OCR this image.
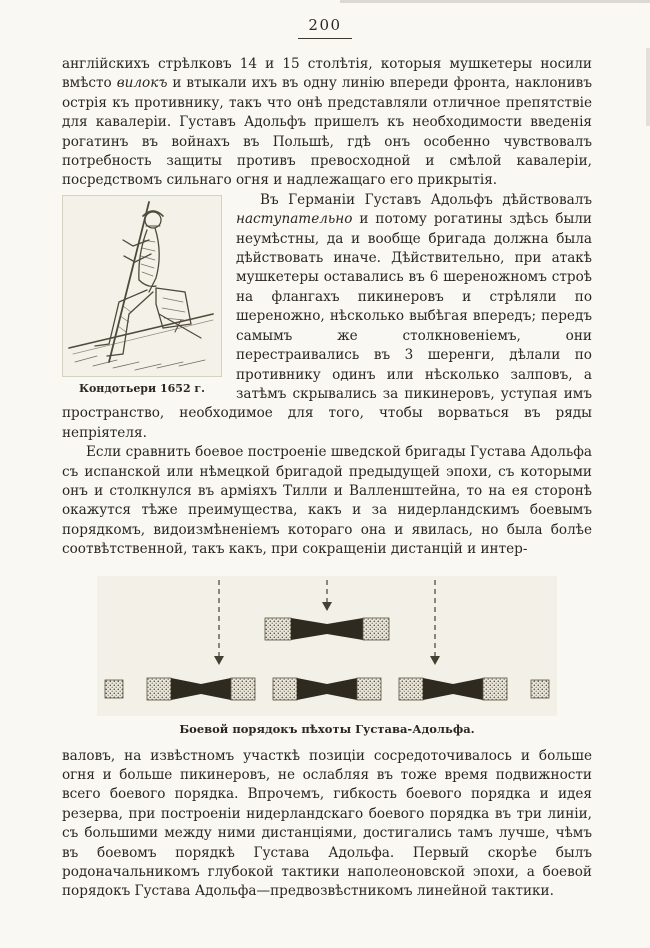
200

англійскихъ стрѣлковъ 14 и 15 столѣтія, которыя мушкетеры носили вмѣсто вилокъ и втыкали ихъ въ одну линію впереди фронта, наклонивъ острія къ противнику, такъ что онѣ представляли отличное препятствіе для кавалеріи. Густавъ Адольфъ пришелъ къ необходимости введенія рогатинъ въ войнахъ въ Польшѣ, гдѣ онъ особенно чувствовалъ потребность защиты противъ превосходной и смѣлой кавалеріи, посредствомъ сильнаго огня и надлежащаго его прикрытія.

Кондотьери 1652 г.

Въ Германіи Густавъ Адольфъ дѣйствовалъ наступательно и потому рогатины здѣсь были неумѣстны, да и вообще бригада должна была дѣйствовать иначе. Дѣйствительно, при атакѣ мушкетеры оставались въ 6 шереножномъ строѣ на флангахъ пикинеровъ и стрѣляли по шереножно, нѣсколько выбѣгая впередъ; передъ самымъ же столкновеніемъ, они перестраивались въ 3 шеренги, дѣлали по противнику одинъ или нѣсколько залповъ, а затѣмъ скрывались за пикинеровъ, уступая имъ пространство, необходимое для того, чтобы ворваться въ ряды непріятеля.

Если сравнить боевое построеніе шведской бригады Густава Адольфа съ испанской или нѣмецкой бригадой предыдущей эпохи, съ которыми онъ и столкнулся въ арміяхъ Тилли и Валленштейна, то на ея сторонѣ окажутся тѣже преимущества, какъ и за нидерландскимъ боевымъ порядкомъ, видоизмѣненіемъ котораго она и явилась, но была болѣе соотвѣтственной, такъ какъ, при сокращеніи дистанцій и интер-

Боевой порядокъ пѣхоты Густава-Адольфа.

валовъ, на извѣстномъ участкѣ позиціи сосредоточивалось и больше огня и больше пикинеровъ, не ослабляя въ тоже время подвижности всего боевого порядка. Впрочемъ, гибкость боевого порядка и идея резерва, при построеніи нидерландскаго боевого порядка въ три линіи, съ большими между ними дистанціями, достигались тамъ лучше, чѣмъ въ боевомъ порядкѣ Густава Адольфа. Первый скорѣе былъ родоначальникомъ глубокой тактики наполеоновской эпохи, а боевой порядокъ Густава Адольфа—предвозвѣстникомъ линейной тактики.
